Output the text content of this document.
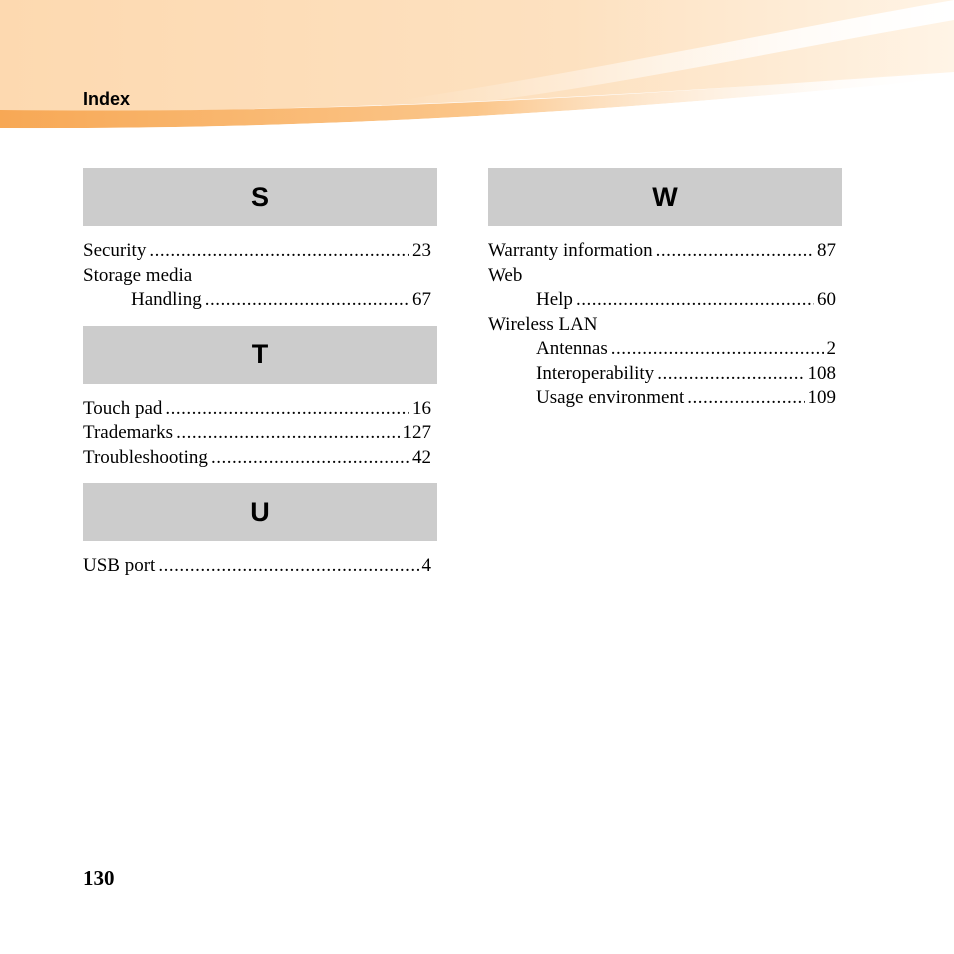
Index
S
Security .....	23
Storage media
Handling .....	67
T
Touch pad .....	16
Trademarks .....	127
Troubleshooting .....	42
U
USB port .....	4
W
Warranty information .....	87
Web
Help .....	60
Wireless LAN
Antennas .....	2
Interoperability .....	108
Usage environment .....	109
130
